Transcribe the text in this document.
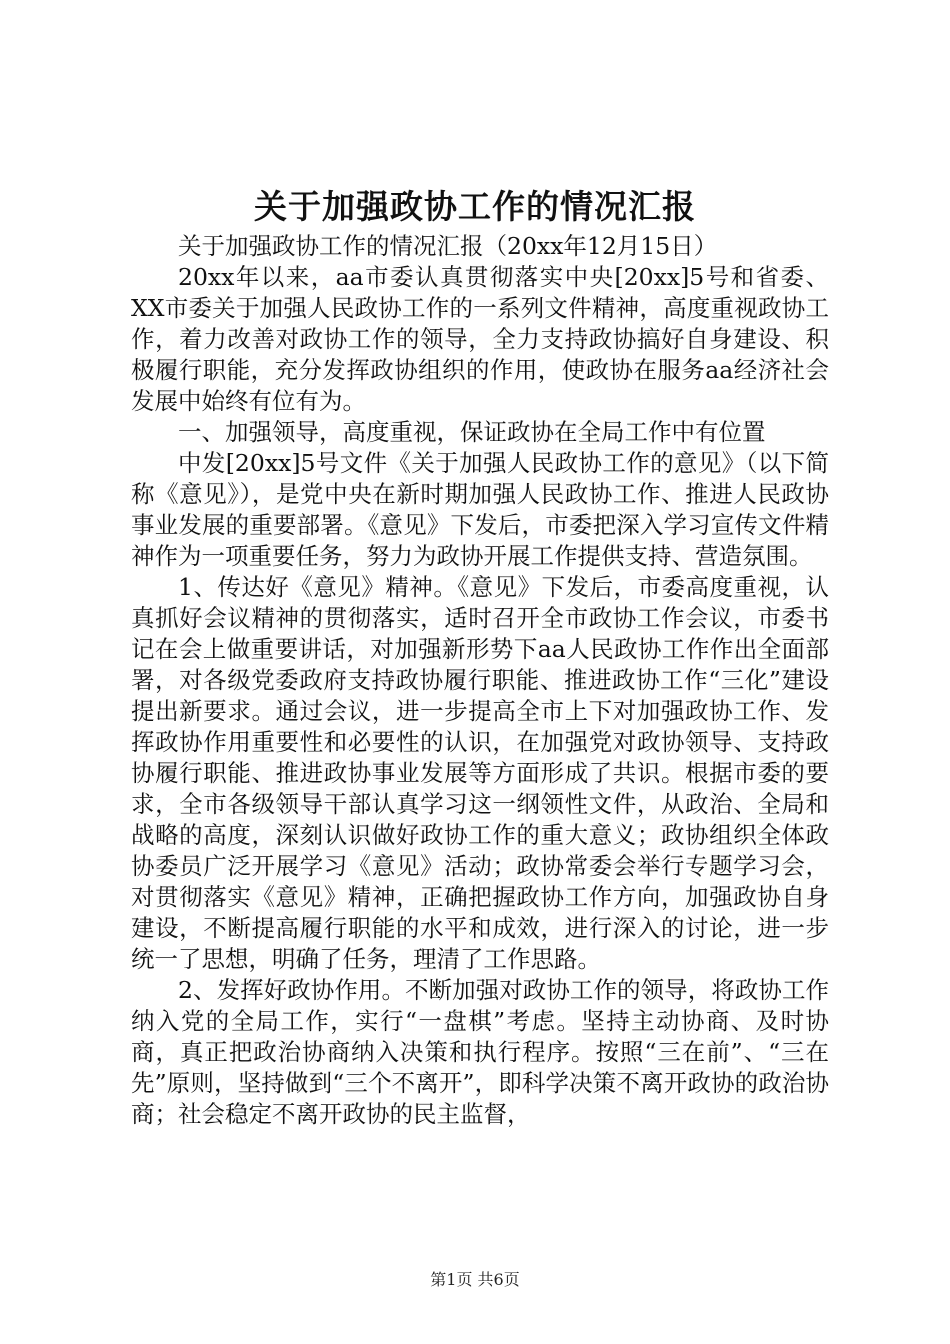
关于加强政协工作的情况汇报

关于加强政协工作的情况汇报（20xx年12月15日）

20xx年以来，aa市委认真贯彻落实中央[20xx]5号和省委、XX市委关于加强人民政协工作的一系列文件精神，高度重视政协工作，着力改善对政协工作的领导，全力支持政协搞好自身建设、积极履行职能，充分发挥政协组织的作用，使政协在服务aa经济社会发展中始终有位有为。

一、加强领导，高度重视，保证政协在全局工作中有位置

中发[20xx]5号文件《关于加强人民政协工作的意见》（以下简称《意见》），是党中央在新时期加强人民政协工作、推进人民政协事业发展的重要部署。《意见》下发后，市委把深入学习宣传文件精神作为一项重要任务，努力为政协开展工作提供支持、营造氛围。

1、传达好《意见》精神。《意见》下发后，市委高度重视，认真抓好会议精神的贯彻落实，适时召开全市政协工作会议，市委书记在会上做重要讲话，对加强新形势下aa人民政协工作作出全面部署，对各级党委政府支持政协履行职能、推进政协工作“三化”建设提出新要求。通过会议，进一步提高全市上下对加强政协工作、发挥政协作用重要性和必要性的认识，在加强党对政协领导、支持政协履行职能、推进政协事业发展等方面形成了共识。根据市委的要求，全市各级领导干部认真学习这一纲领性文件，从政治、全局和战略的高度，深刻认识做好政协工作的重大意义；政协组织全体政协委员广泛开展学习《意见》活动；政协常委会举行专题学习会，对贯彻落实《意见》精神，正确把握政协工作方向，加强政协自身建设，不断提高履行职能的水平和成效，进行深入的讨论，进一步统一了思想，明确了任务，理清了工作思路。

2、发挥好政协作用。不断加强对政协工作的领导，将政协工作纳入党的全局工作，实行“一盘棋”考虑。坚持主动协商、及时协商，真正把政治协商纳入决策和执行程序。按照“三在前”、“三在先”原则，坚持做到“三个不离开”，即科学决策不离开政协的政治协商；社会稳定不离开政协的民主监督，

第1页 共6页
